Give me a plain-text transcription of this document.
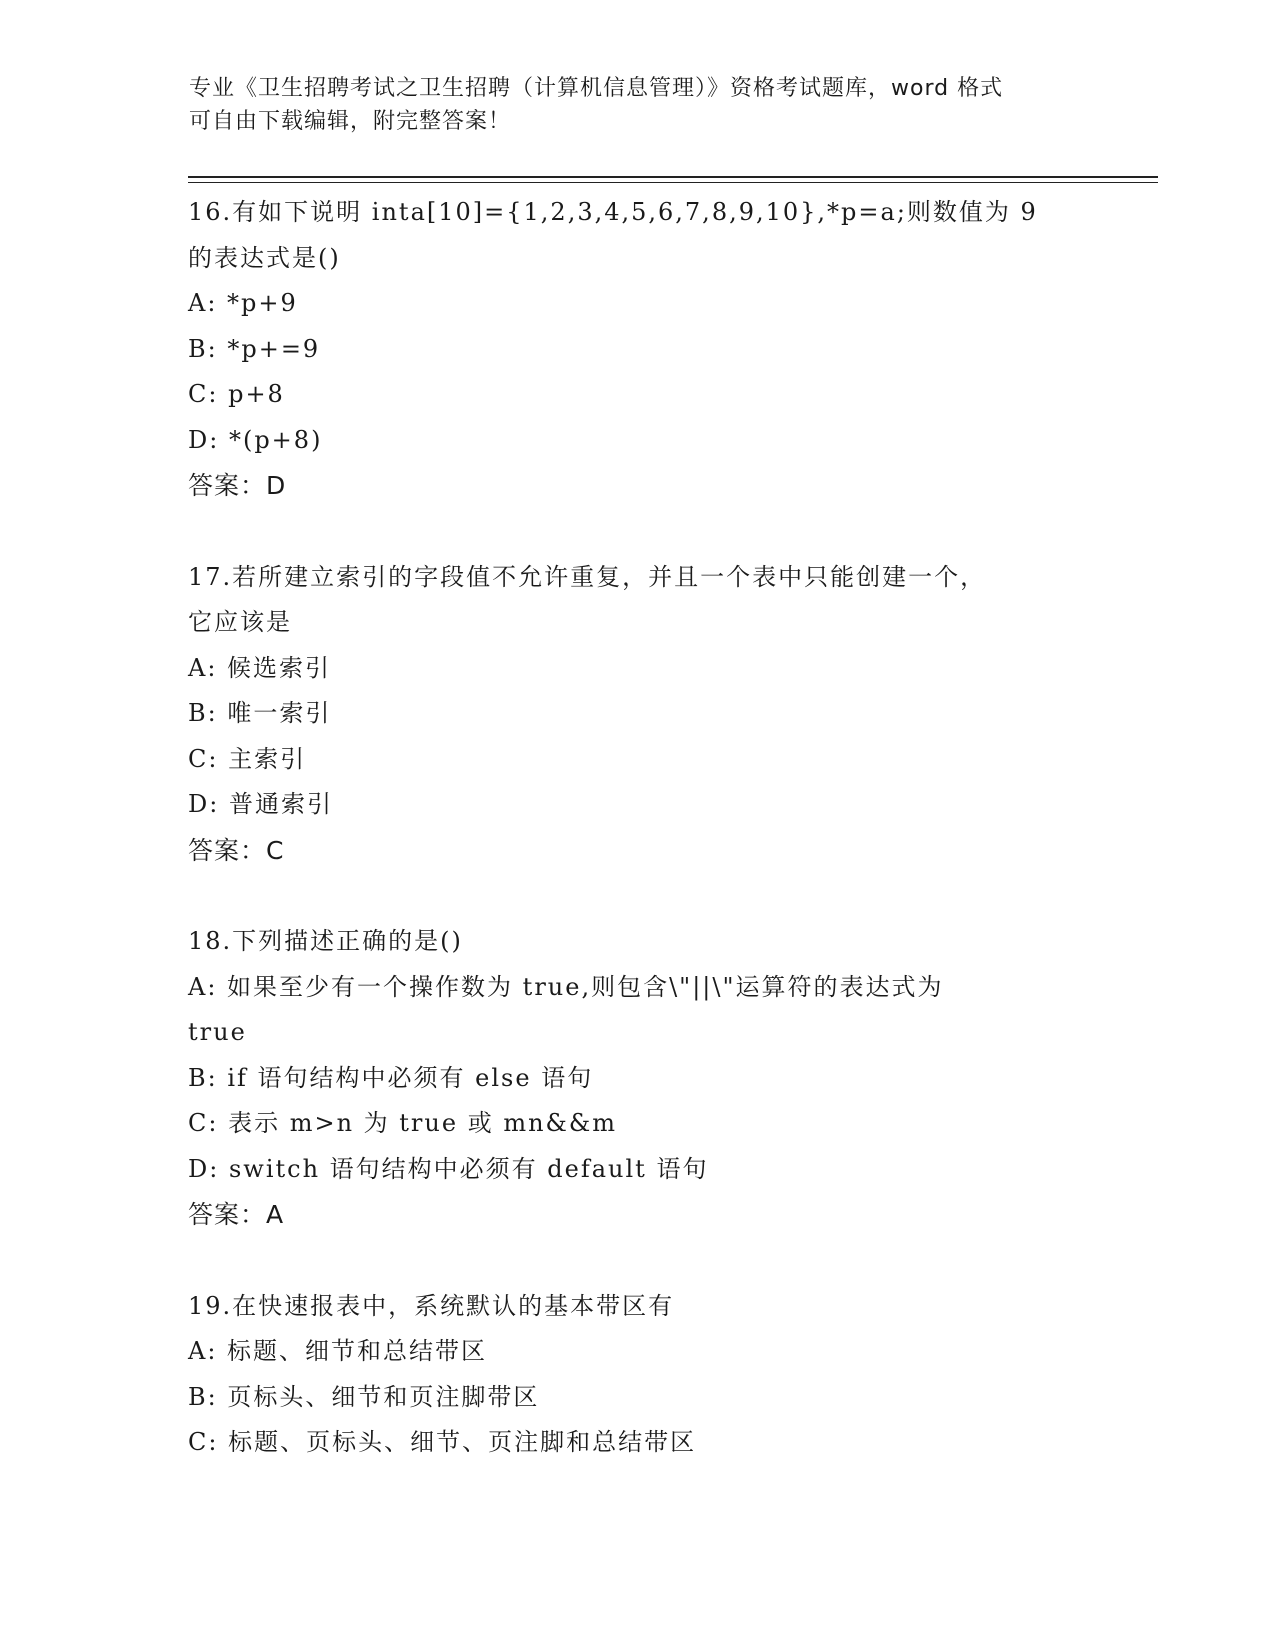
专业《卫生招聘考试之卫生招聘（计算机信息管理）》资格考试题库，word 格式
可自由下载编辑，附完整答案！
16.有如下说明 inta[10]={1,2,3,4,5,6,7,8,9,10},*p=a;则数值为 9
的表达式是()
A: *p+9
B: *p+=9
C: p+8
D: *(p+8)
答案：D
17.若所建立索引的字段值不允许重复，并且一个表中只能创建一个，
它应该是
A: 候选索引
B: 唯一索引
C: 主索引
D: 普通索引
答案：C
18.下列描述正确的是()
A: 如果至少有一个操作数为 true,则包含\"||\"运算符的表达式为
true
B: if 语句结构中必须有 else 语句
C: 表示 m>n 为 true 或 mn&&m
D: switch 语句结构中必须有 default 语句
答案：A
19.在快速报表中，系统默认的基本带区有
A: 标题、细节和总结带区
B: 页标头、细节和页注脚带区
C: 标题、页标头、细节、页注脚和总结带区
